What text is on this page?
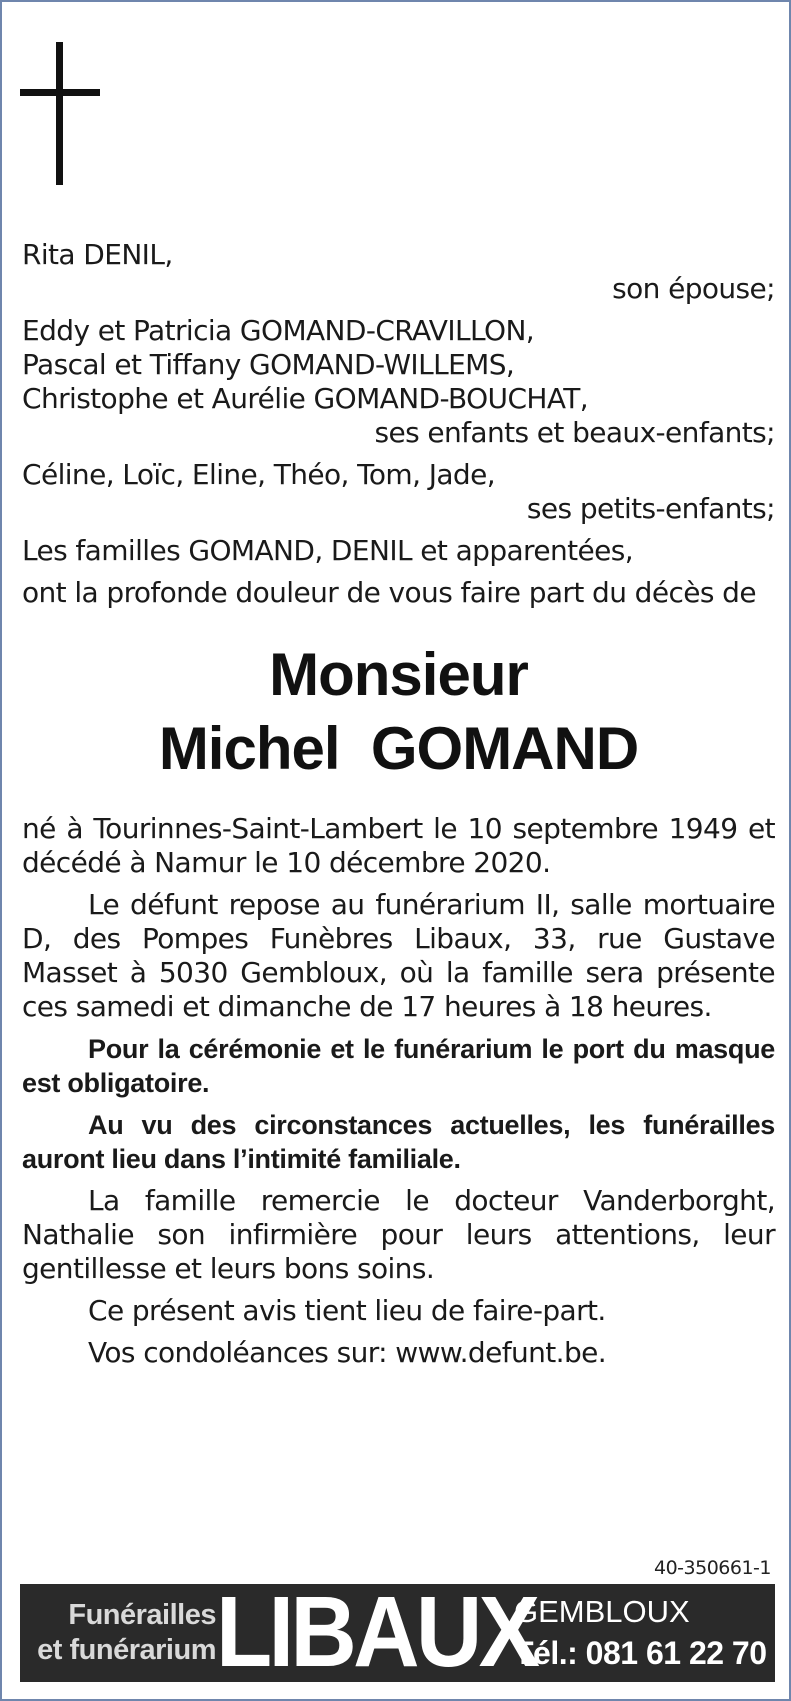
Rita DENIL,
son épouse;
Eddy et Patricia GOMAND-CRAVILLON,
Pascal et Tiffany GOMAND-WILLEMS,
Christophe et Aurélie GOMAND-BOUCHAT,
ses enfants et beaux-enfants;
Céline, Loïc, Eline, Théo, Tom, Jade,
ses petits-enfants;
Les familles GOMAND, DENIL et apparentées,
ont la profonde douleur de vous faire part du décès de
Monsieur
Michel  GOMAND
né à Tourinnes-Saint-Lambert le 10 septembre 1949 et décédé à Namur le 10 décembre 2020.
Le défunt repose au funérarium II, salle mortuaire D, des Pompes Funèbres Libaux, 33, rue Gustave Masset à 5030 Gembloux, où la famille sera présente ces samedi et dimanche de 17 heures à 18 heures.
Pour la cérémonie et le funérarium le port du masque est obligatoire.
Au vu des circonstances actuelles, les funérailles auront lieu dans l’intimité familiale.
La famille remercie le docteur Vanderborght, Nathalie son infirmière pour leurs attentions, leur gentillesse et leurs bons soins.
Ce présent avis tient lieu de faire-part.
Vos condoléances sur: www.defunt.be.
40-350661-1
Funérailles
et funérarium LIBAUX
GEMBLOUX
Tél.: 081 61 22 70
